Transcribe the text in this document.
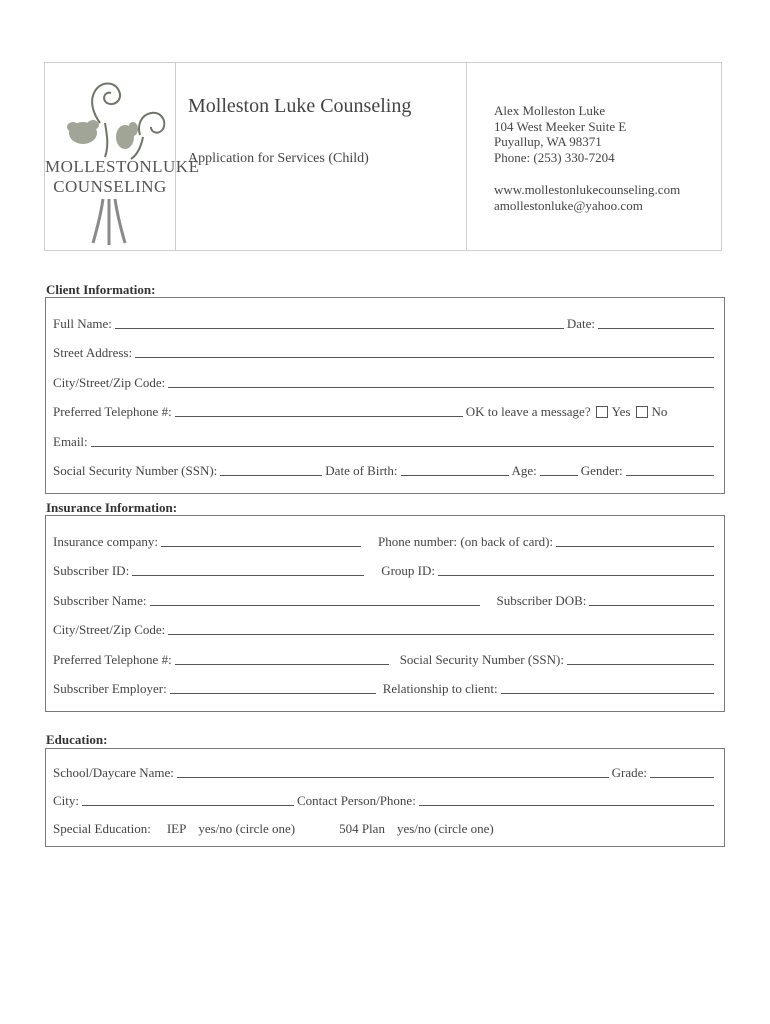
MOLLESTONLUKE
COUNSELING
Molleston Luke Counseling
Application for Services (Child)
Alex Molleston Luke
104 West Meeker Suite E
Puyallup, WA 98371
Phone: (253) 330-7204
www.mollestonlukecounseling.com
amollestonluke@yahoo.com
Client Information:
Full Name:	Date:
Street Address:
City/Street/Zip Code:
Preferred Telephone #:	OK to leave a message? Yes No
Email:
Social Security Number (SSN):	Date of Birth:	Age:	Gender:
Insurance Information:
Insurance company:	Phone number: (on back of card):
Subscriber ID:	Group ID:
Subscriber Name:	Subscriber DOB:
City/Street/Zip Code:
Preferred Telephone #:	Social Security Number (SSN):
Subscriber Employer:	Relationship to client:
Education:
School/Daycare Name:	Grade:
City:	Contact Person/Phone:
Special Education: IEP yes/no (circle one)	504 Plan yes/no (circle one)
